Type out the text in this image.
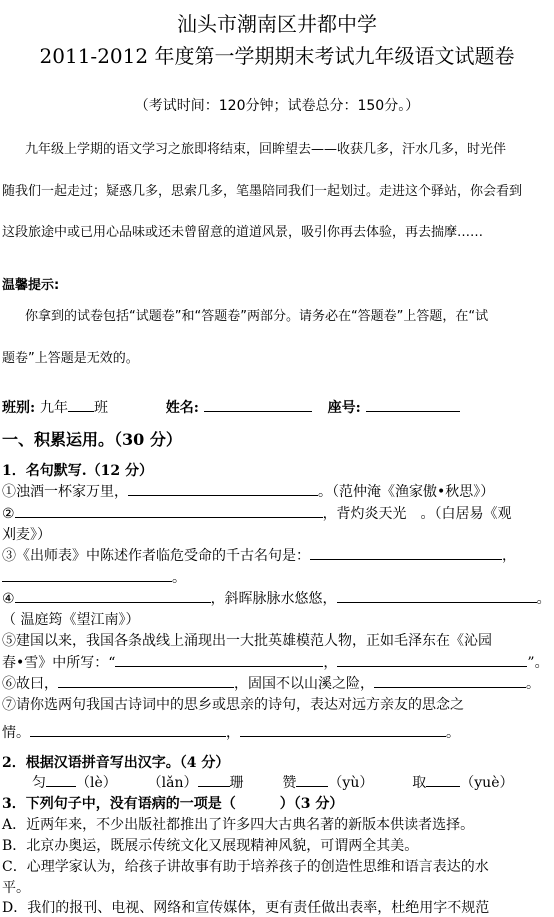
汕头市潮南区井都中学
2011-2012 年度第一学期期末考试九年级语文试题卷
（考试时间：120分钟；试卷总分：150分。）
九年级上学期的语文学习之旅即将结束，回眸望去——收获几多，汗水几多，时光伴
随我们一起走过；疑惑几多，思索几多，笔墨陪同我们一起划过。走进这个驿站，你会看到
这段旅途中或已用心品味或还未曾留意的道道风景，吸引你再去体验，再去揣摩……
温馨提示:
你拿到的试卷包括“试题卷”和“答题卷”两部分。请务必在“答题卷”上答题，在“试
题卷”上答题是无效的。
班别: 九年 班	姓名:	座号:
一、积累运用。（30 分）
1．名句默写.（12 分）
①浊酒一杯家万里，	。（范仲淹《渔家傲•秋思》）
②	，背灼炎天光　。（白居易《观
刈麦》）
③《出师表》中陈述作者临危受命的千古名句是：	，
。
④	，斜晖脉脉水悠悠，	。
（ 温庭筠《望江南》）
⑤建国以来，我国各条战线上涌现出一大批英雄模范人物，正如毛泽东在《沁园
春•雪》中所写：“	，	”。
⑥故曰，	，固国不以山溪之险，	。
⑦请你选两句我国古诗词中的思乡或思亲的诗句，表达对远方亲友的思念之
情。	，	。
2．根据汉语拼音写出汉字。（4 分）
匀 （lè） （lǎn） 珊	赞 （yù）	取 （yuè）
3．下列句子中，没有语病的一项是（	）（3 分）
A．近两年来，不少出版社都推出了许多四大古典名著的新版本供读者选择。
B．北京办奥运，既展示传统文化又展现精神风貌，可谓两全其美。
C．心理学家认为，给孩子讲故事有助于培养孩子的创造性思维和语言表达的水
平。
D．我们的报刊、电视、网络和宣传媒体，更有责任做出表率，杜绝用字不规范
